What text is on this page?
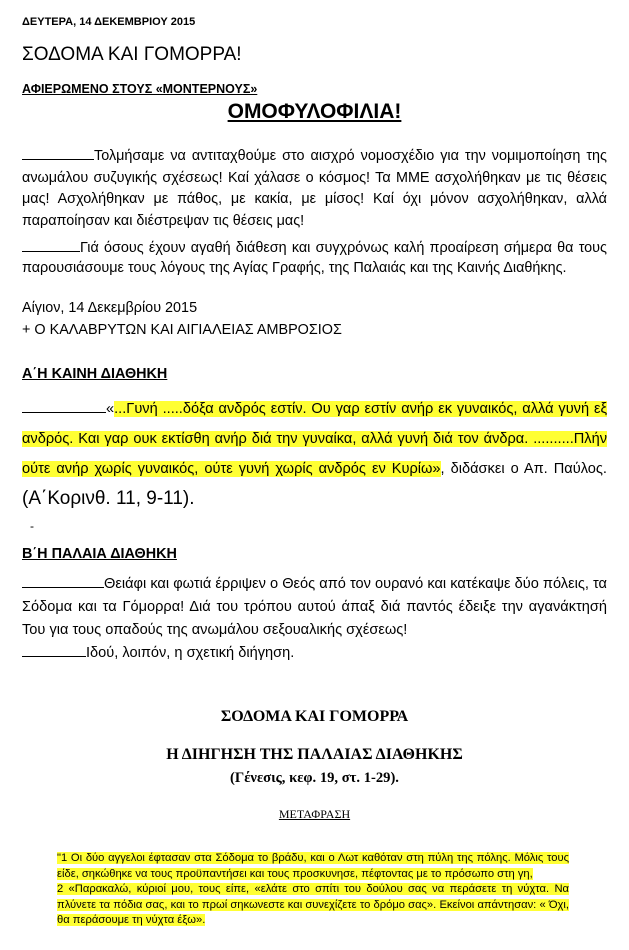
ΔΕΥΤΕΡΑ, 14 ΔΕΚΕΜΒΡΙΟΥ 2015
ΣΟΔΟΜΑ ΚΑΙ ΓΟΜΟΡΡΑ!
ΑΦΙΕΡΩΜΕΝΟ ΣΤΟΥΣ «ΜΟΝΤΕΡΝΟΥΣ»
ΟΜΟΦΥΛΟΦΙΛΙΑ!
Τολμήσαμε να αντιταχθούμε στο αισχρό νομοσχέδιο για την νομιμοποίηση της ανωμάλου συζυγικής σχέσεως! Καί χάλασε ο κόσμος! Τα ΜΜΕ ασχολήθηκαν με τις θέσεις μας! Ασχολήθηκαν με πάθος, με κακία, με μίσος! Καί όχι μόνον ασχολήθηκαν, αλλά παραποίησαν και διέστρεψαν τις θέσεις μας!
Γιά όσους έχουν αγαθή διάθεση και συγχρόνως καλή προαίρεση σήμερα θα τους παρουσιάσουμε τους λόγους της Αγίας Γραφής, της Παλαιάς και της Καινής Διαθήκης.
Αίγιον, 14 Δεκεμβρίου 2015
+ Ο ΚΑΛΑΒΡΥΤΩΝ ΚΑΙ ΑΙΓΙΑΛΕΙΑΣ ΑΜΒΡΟΣΙΟΣ
Α΄Η ΚΑΙΝΗ ΔΙΑΘΗΚΗ
«...Γυνή .....δόξα ανδρός εστίν. Ου γαρ εστίν ανήρ εκ γυναικός, αλλά γυνή εξ ανδρός. Και γαρ ουκ εκτίσθη ανήρ διά την γυναίκα, αλλά γυνή διά τον άνδρα. ..........Πλήν ούτε ανήρ χωρίς γυναικός, ούτε γυνή χωρίς ανδρός εν Κυρίω», διδάσκει ο Απ. Παύλος. (Α΄Κορινθ. 11, 9-11).
-
Β΄Η ΠΑΛΑΙΑ ΔΙΑΘΗΚΗ
Θειάφι και φωτιά έρριψεν ο Θεός από τον ουρανό και κατέκαψε δύο πόλεις, τα Σόδομα και τα Γόμορρα! Διά του τρόπου αυτού άπαξ διά παντός έδειξε την αγανάκτησή Του για τους οπαδούς της ανωμάλου σεξουαλικής σχέσεως!
Ιδού, λοιπόν, η σχετική διήγηση.
ΣΟΔΟΜΑ ΚΑΙ ΓΟΜΟΡΡΑ
Η ΔΙΗΓΗΣΗ ΤΗΣ ΠΑΛΑΙΑΣ ΔΙΑΘΗΚΗΣ
(Γένεσις, κεφ. 19, στ. 1-29).
ΜΕΤΑΦΡΑΣΗ
"1 Οι δύο αγγελοι έφτασαν στα Σόδομα το βράδυ, και ο Λωτ καθόταν στη πύλη της πόλης. Μόλις τους είδε, σηκώθηκε να τους προϋπαντήσει και τους προσκυνησε, πέφτοντας με το πρόσωπο στη γη,
2 «Παρακαλώ, κύριοί μου, τους είπε, «ελάτε στο σπίτι του δούλου σας να περάσετε τη νύχτα. Να πλύνετε τα πόδια σας, και το πρωί σηκωνεστε και συνεχίζετε το δρόμο σας». Εκείνοι απάντησαν: « Όχι, θα περάσουμε τη νύχτα έξω».
